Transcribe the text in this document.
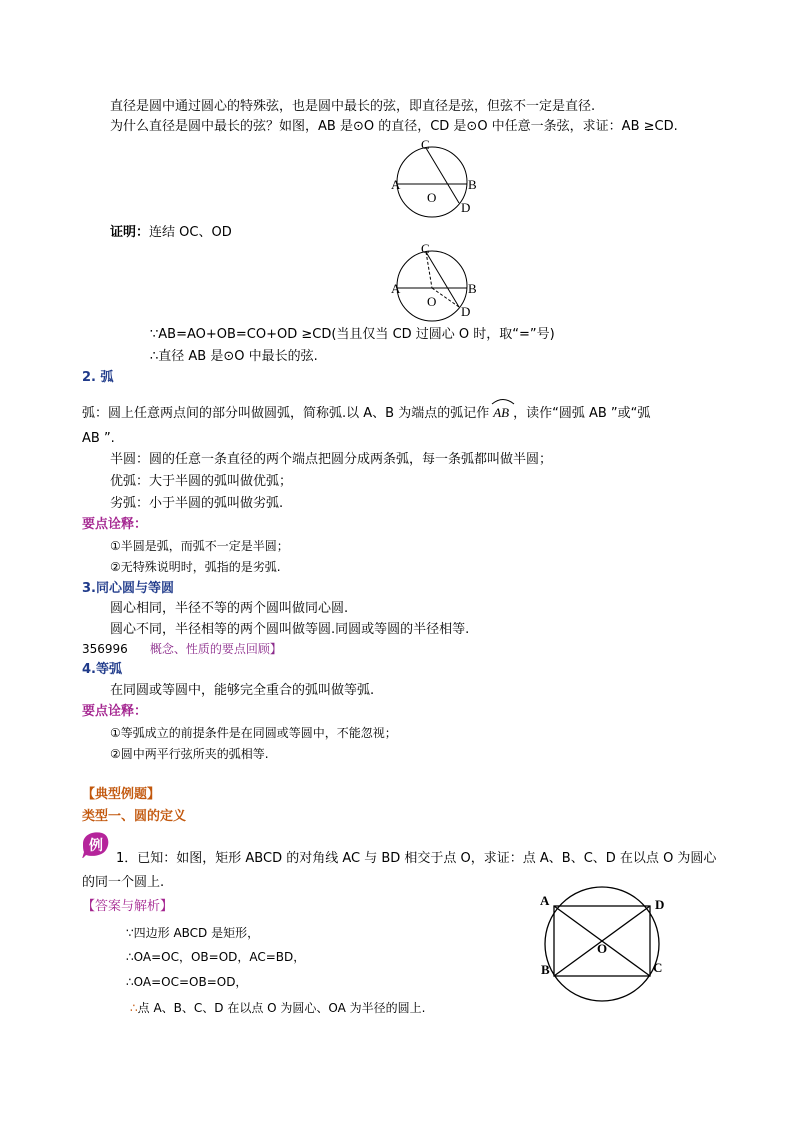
直径是圆中通过圆心的特殊弦，也是圆中最长的弦，即直径是弦，但弦不一定是直径.
为什么直径是圆中最长的弦？如图，AB 是⊙O 的直径，CD 是⊙O 中任意一条弦，求证：AB ≥CD.
C
A	B
D
O
证明：连结 OC、OD
C
A	B
D
O
∵AB=AO+OB=CO+OD ≥CD(当且仅当 CD 过圆心 O 时，取“=”号)
∴直径 AB 是⊙O 中最长的弦.
2. 弧
弧：圆上任意两点间的部分叫做圆弧，简称弧.以 A、B 为端点的弧记作 AB ，读作“圆弧 AB ”或“弧
AB ”.
半圆：圆的任意一条直径的两个端点把圆分成两条弧，每一条弧都叫做半圆；
优弧：大于半圆的弧叫做优弧；
劣弧：小于半圆的弧叫做劣弧.
要点诠释：
①半圆是弧，而弧不一定是半圆；
②无特殊说明时，弧指的是劣弧.
3.同心圆与等圆
圆心相同，半径不等的两个圆叫做同心圆.
圆心不同，半径相等的两个圆叫做等圆.同圆或等圆的半径相等.
356996 概念、性质的要点回顾】
4.等弧
在同圆或等圆中，能够完全重合的弧叫做等弧.
要点诠释：
①等弧成立的前提条件是在同圆或等圆中，不能忽视；
②圆中两平行弦所夹的弧相等.
【典型例题】
类型一、圆的定义
例
1．已知：如图，矩形 ABCD 的对角线 AC 与 BD 相交于点 O，求证：点 A、B、C、D 在以点 O 为圆心
的同一个圆上.
【答案与解析】
∵四边形 ABCD 是矩形，
∴OA=OC，OB=OD，AC=BD，
∴OA=OC=OB=OD，
∴点 A、B、C、D 在以点 O 为圆心、OA 为半径的圆上.
A	D
O
B	C
